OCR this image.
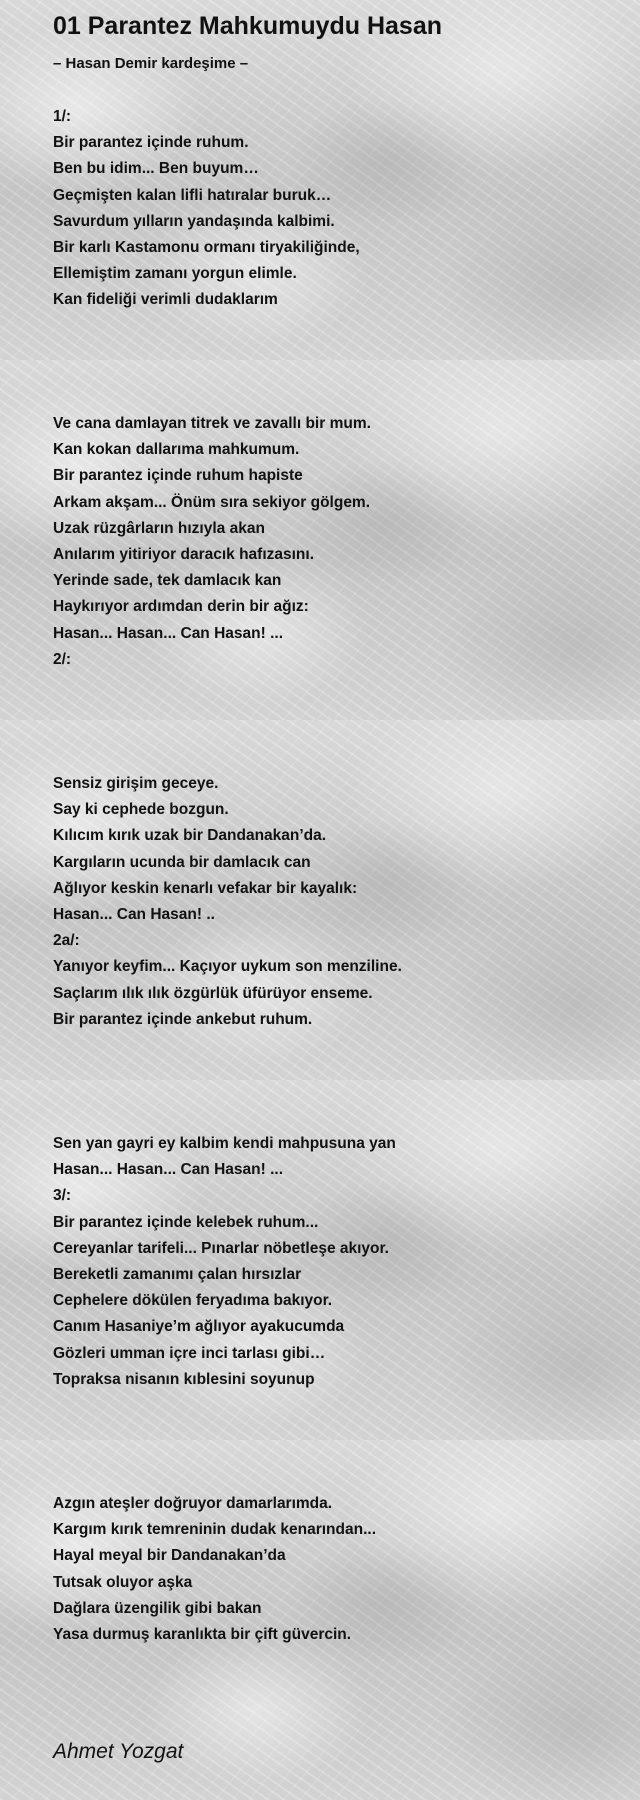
01 Parantez Mahkumuydu Hasan
– Hasan Demir kardeşime –
1/:
Bir parantez içinde ruhum.
Ben bu idim... Ben buyum…
Geçmişten kalan lifli hatıralar buruk…
Savurdum yılların yandaşında kalbimi.
Bir karlı Kastamonu ormanı tiryakiliğinde,
Ellemiştim zamanı yorgun elimle.
Kan fideliği verimli dudaklarım
Ve cana damlayan titrek ve zavallı bir mum.
Kan kokan dallarıma mahkumum.
Bir parantez içinde ruhum hapiste
Arkam akşam... Önüm sıra sekiyor gölgem.
Uzak rüzgârların hızıyla akan
Anılarım yitiriyor daracık hafızasını.
Yerinde sade, tek damlacık kan
Haykırıyor ardımdan derin bir ağız:
Hasan... Hasan... Can Hasan! ...
2/:
Sensiz girişim geceye.
Say ki cephede bozgun.
Kılıcım kırık uzak bir Dandanakan’da.
Kargıların ucunda bir damlacık can
Ağlıyor keskin kenarlı vefakar bir kayalık:
Hasan... Can Hasan! ..
2a/:
Yanıyor keyfim... Kaçıyor uykum son menziline.
Saçlarım ılık ılık özgürlük üfürüyor enseme.
Bir parantez içinde ankebut ruhum.
Sen yan gayri ey kalbim kendi mahpusuna yan
Hasan... Hasan... Can Hasan! ...
3/:
Bir parantez içinde kelebek ruhum...
Cereyanlar tarifeli... Pınarlar nöbetleşe akıyor.
Bereketli zamanımı çalan hırsızlar
Cephelere dökülen feryadıma bakıyor.
Canım Hasaniye’m ağlıyor ayakucumda
Gözleri umman içre inci tarlası gibi…
Topraksa nisanın kıblesini soyunup
Azgın ateşler doğruyor damarlarımda.
Kargım kırık temreninin dudak kenarından...
Hayal meyal bir Dandanakan’da
Tutsak oluyor aşka
Dağlara üzengilik gibi bakan
Yasa durmuş karanlıkta bir çift güvercin.
Ahmet Yozgat
